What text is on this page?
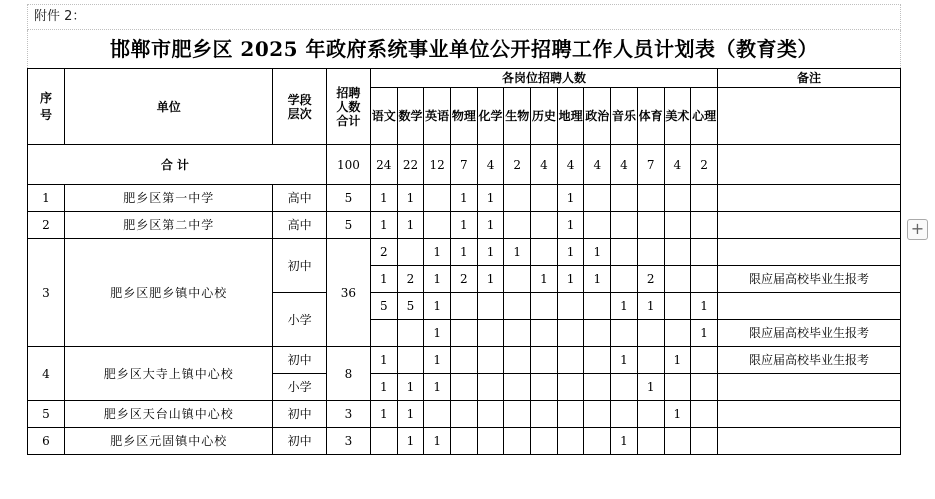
附件 2：
邯郸市肥乡区 2025 年政府系统事业单位公开招聘工作人员计划表（教育类）
序号	单位	学段层次	招聘人数合计	各岗位招聘人数													备注
				语文	数学	英语	物理	化学	生物	历史	地理	政治	音乐	体育	美术	心理	
合计			100	24	22	12	7	4	2	4	4	4	4	7	4	2	
1	肥乡区第一中学	高中	5	1	1		1	1			1						
2	肥乡区第二中学	高中	5	1	1		1	1			1						
3	肥乡区肥乡镇中心校	初中	36	2		1	1	1	1		1	1					
				1	2	1	2	1		1	1	1		2			限应届高校毕业生报考
		小学		5	5	1							1	1		1	
						1										1	限应届高校毕业生报考
4	肥乡区大寺上镇中心校	初中	8	1		1							1		1		限应届高校毕业生报考
		小学		1	1	1								1			
5	肥乡区天台山镇中心校	初中	3	1	1										1		
6	肥乡区元固镇中心校	初中	3		1	1							1				
+
